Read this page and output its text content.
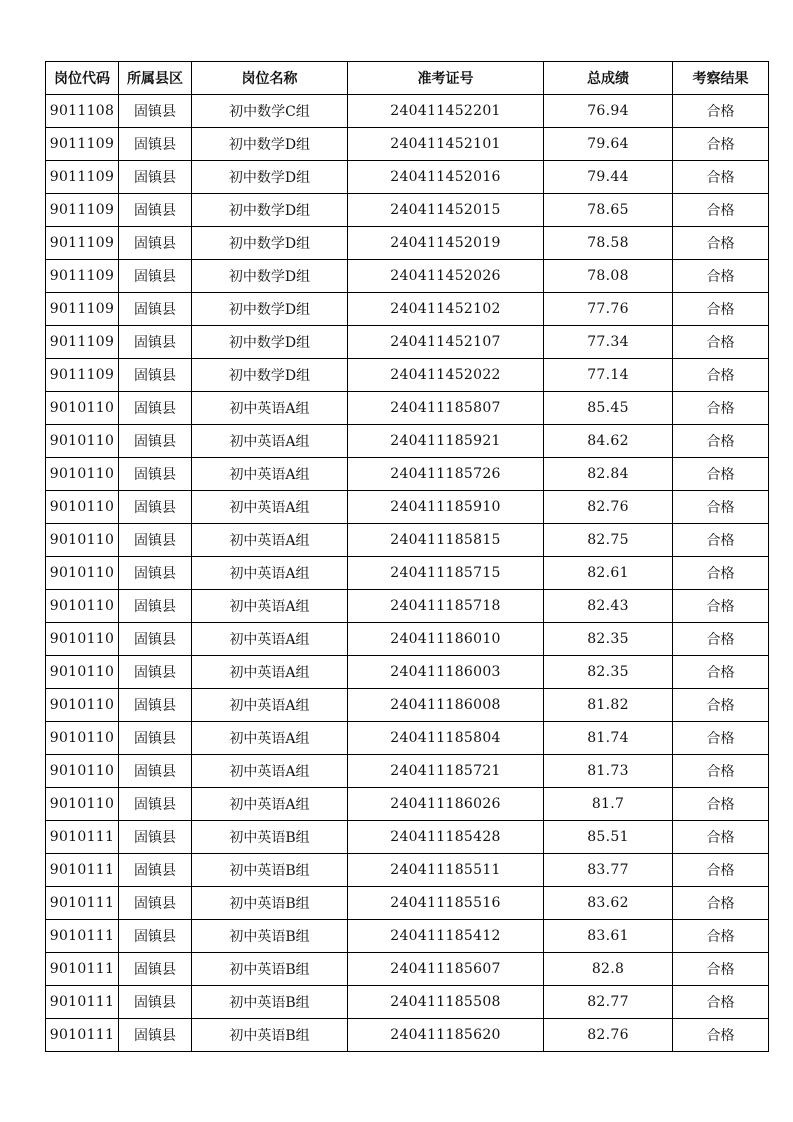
岗位代码	所属县区	岗位名称	准考证号	总成绩	考察结果
9011108	固镇县	初中数学C组	240411452201	76.94	合格
9011109	固镇县	初中数学D组	240411452101	79.64	合格
9011109	固镇县	初中数学D组	240411452016	79.44	合格
9011109	固镇县	初中数学D组	240411452015	78.65	合格
9011109	固镇县	初中数学D组	240411452019	78.58	合格
9011109	固镇县	初中数学D组	240411452026	78.08	合格
9011109	固镇县	初中数学D组	240411452102	77.76	合格
9011109	固镇县	初中数学D组	240411452107	77.34	合格
9011109	固镇县	初中数学D组	240411452022	77.14	合格
9010110	固镇县	初中英语A组	240411185807	85.45	合格
9010110	固镇县	初中英语A组	240411185921	84.62	合格
9010110	固镇县	初中英语A组	240411185726	82.84	合格
9010110	固镇县	初中英语A组	240411185910	82.76	合格
9010110	固镇县	初中英语A组	240411185815	82.75	合格
9010110	固镇县	初中英语A组	240411185715	82.61	合格
9010110	固镇县	初中英语A组	240411185718	82.43	合格
9010110	固镇县	初中英语A组	240411186010	82.35	合格
9010110	固镇县	初中英语A组	240411186003	82.35	合格
9010110	固镇县	初中英语A组	240411186008	81.82	合格
9010110	固镇县	初中英语A组	240411185804	81.74	合格
9010110	固镇县	初中英语A组	240411185721	81.73	合格
9010110	固镇县	初中英语A组	240411186026	81.7	合格
9010111	固镇县	初中英语B组	240411185428	85.51	合格
9010111	固镇县	初中英语B组	240411185511	83.77	合格
9010111	固镇县	初中英语B组	240411185516	83.62	合格
9010111	固镇县	初中英语B组	240411185412	83.61	合格
9010111	固镇县	初中英语B组	240411185607	82.8	合格
9010111	固镇县	初中英语B组	240411185508	82.77	合格
9010111	固镇县	初中英语B组	240411185620	82.76	合格
